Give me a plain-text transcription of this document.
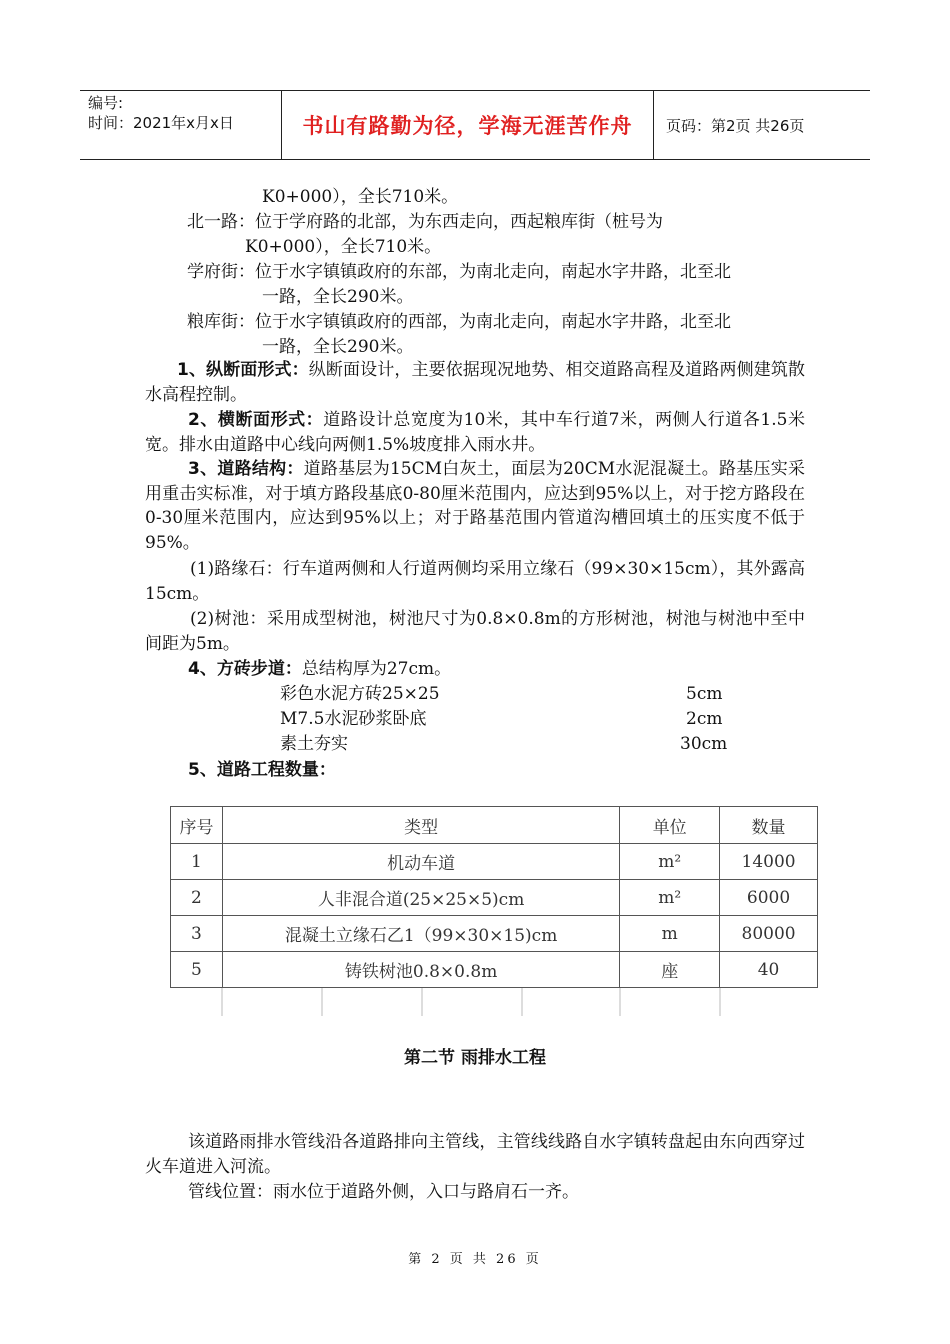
编号:
时间：2021年x月x日	书山有路勤为径，学海无涯苦作舟	页码：第2页 共26页
K0+000），全长710米。
北一路：位于学府路的北部，为东西走向，西起粮库街（桩号为
K0+000），全长710米。
学府街：位于水字镇镇政府的东部，为南北走向，南起水字井路，北至北
一路，全长290米。
粮库街：位于水字镇镇政府的西部，为南北走向，南起水字井路，北至北
一路，全长290米。
1、纵断面形式：纵断面设计，主要依据现况地势、相交道路高程及道路两侧建筑散水高程控制。
2、横断面形式：道路设计总宽度为10米，其中车行道7米，两侧人行道各1.5米宽。排水由道路中心线向两侧1.5%坡度排入雨水井。
3、道路结构：道路基层为15CM白灰土，面层为20CM水泥混凝土。路基压实采用重击实标准，对于填方路段基底0-80厘米范围内，应达到95%以上，对于挖方路段在0-30厘米范围内，应达到95%以上；对于路基范围内管道沟槽回填土的压实度不低于95%。
(1)路缘石：行车道两侧和人行道两侧均采用立缘石（99×30×15cm），其外露高15cm。
(2)树池：采用成型树池，树池尺寸为0.8×0.8m的方形树池，树池与树池中至中间距为5m。
4、方砖步道：总结构厚为27cm。
彩色水泥方砖25×25	5cm
M7.5水泥砂浆卧底	2cm
素土夯实	30cm
5、道路工程数量：
序号	类型	单位	数量
1	机动车道	m²	14000
2	人非混合道(25×25×5)cm	m²	6000
3	混凝土立缘石乙1（99×30×15)cm	m	80000
5	铸铁树池0.8×0.8m	座	40
第二节 雨排水工程
该道路雨排水管线沿各道路排向主管线，主管线线路自水字镇转盘起由东向西穿过火车道进入河流。
管线位置：雨水位于道路外侧，入口与路肩石一齐。
第 2 页 共 26 页
